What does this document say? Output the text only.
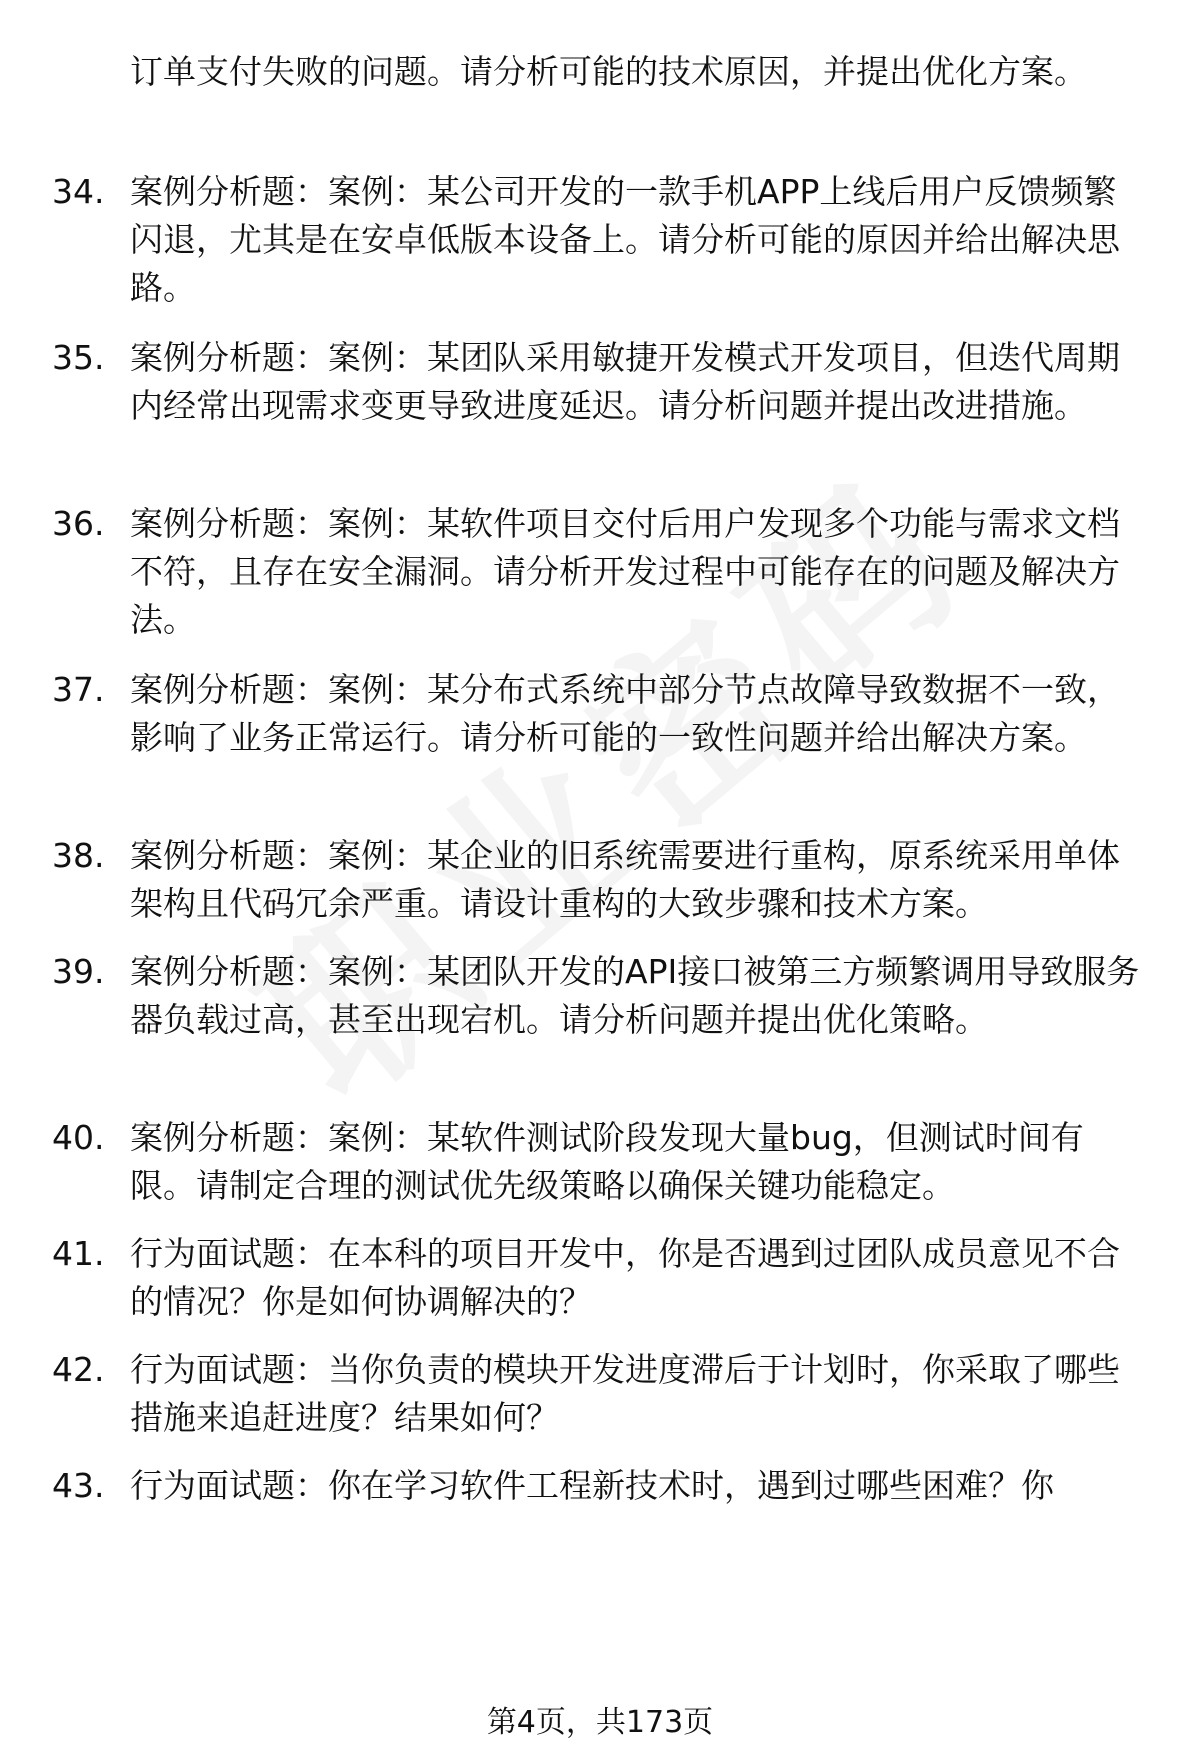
订单支付失败的问题。请分析可能的技术原因，并提出优化方案。

34. 案例分析题：案例：某公司开发的一款手机APP上线后用户反馈频繁闪退，尤其是在安卓低版本设备上。请分析可能的原因并给出解决思路。
35. 案例分析题：案例：某团队采用敏捷开发模式开发项目，但迭代周期内经常出现需求变更导致进度延迟。请分析问题并提出改进措施。
36. 案例分析题：案例：某软件项目交付后用户发现多个功能与需求文档不符，且存在安全漏洞。请分析开发过程中可能存在的问题及解决方法。
37. 案例分析题：案例：某分布式系统中部分节点故障导致数据不一致，影响了业务正常运行。请分析可能的一致性问题并给出解决方案。
38. 案例分析题：案例：某企业的旧系统需要进行重构，原系统采用单体架构且代码冗余严重。请设计重构的大致步骤和技术方案。
39. 案例分析题：案例：某团队开发的API接口被第三方频繁调用导致服务器负载过高，甚至出现宕机。请分析问题并提出优化策略。
40. 案例分析题：案例：某软件测试阶段发现大量bug，但测试时间有限。请制定合理的测试优先级策略以确保关键功能稳定。
41. 行为面试题：在本科的项目开发中，你是否遇到过团队成员意见不合的情况？你是如何协调解决的？
42. 行为面试题：当你负责的模块开发进度滞后于计划时，你采取了哪些措施来追赶进度？结果如何？
43. 行为面试题：你在学习软件工程新技术时，遇到过哪些困难？你
第4页，共173页
